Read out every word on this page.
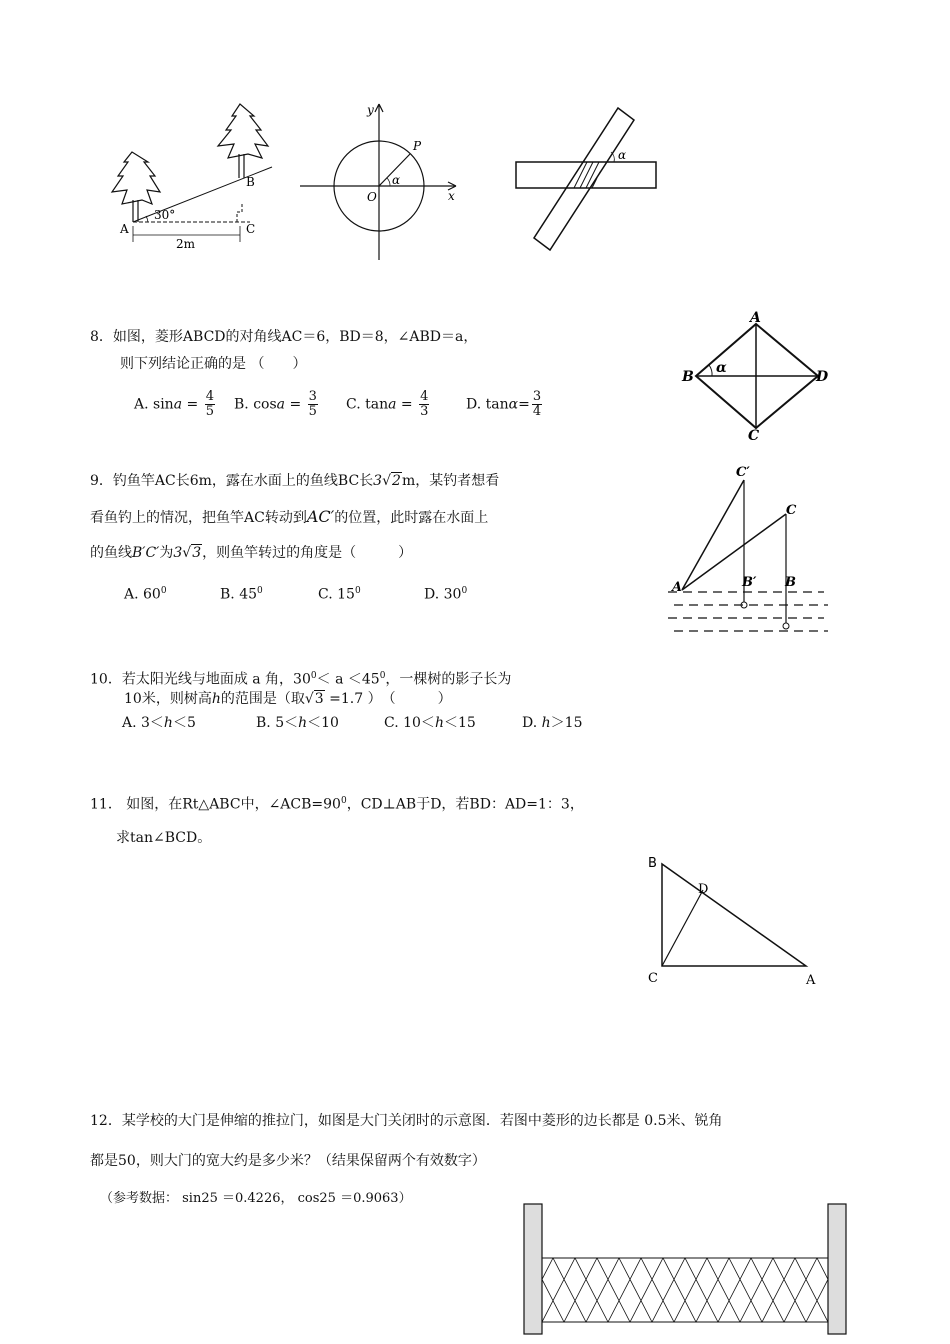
A
B
C
30°
2m
y
x
O
P
α
α
8．如图，菱形ABCD的对角线AC＝6，BD＝8，∠ABD＝a，
则下列结论正确的是 （　　）
A. $\sin a = \frac{4}{5} B$. $\cos a = \frac{3}{5} C$. $\tan a = \frac{4}{3}$	D. $\tan\alpha= \frac{3}{4}$
A
B
C
D
α
9．钓鱼竿AC长6m，露在水面上的鱼线BC长3√2m，某钓者想看
看鱼钓上的情况，把鱼竿AC转动到AC′的位置，此时露在水面上
的鱼线B′C′为3√3，则鱼竿转过的角度是（　　　）
A. $60^0$	B. $45^0$	C. $15^0$	D. $30^0$
C′
C
A	B′ B
10．若太阳光线与地面成 a 角，$30^0< a <45^0$，一棵树的影子长为
10米，则树高h的范围是（取√3 =1.7 ）　（　　　）
A. 3＜h＜5	B. 5＜h＜10	C. 10＜h＜15	D. h＞15
11． 如图，在Rt△ABC中，$\angle ACB=90^0$，CD⊥AB于D，若BD：AD=1：3，
求tan∠BCD。
B
D
C	A
12．某学校的大门是伸缩的推拉门，如图是大门关闭时的示意图．若图中菱形的边长都是 0.5米、锐角
都是50，则大门的宽大约是多少米？（结果保留两个有效数字）
（参考数据： sin25 ＝0.4226， cos25 ＝0.9063）
